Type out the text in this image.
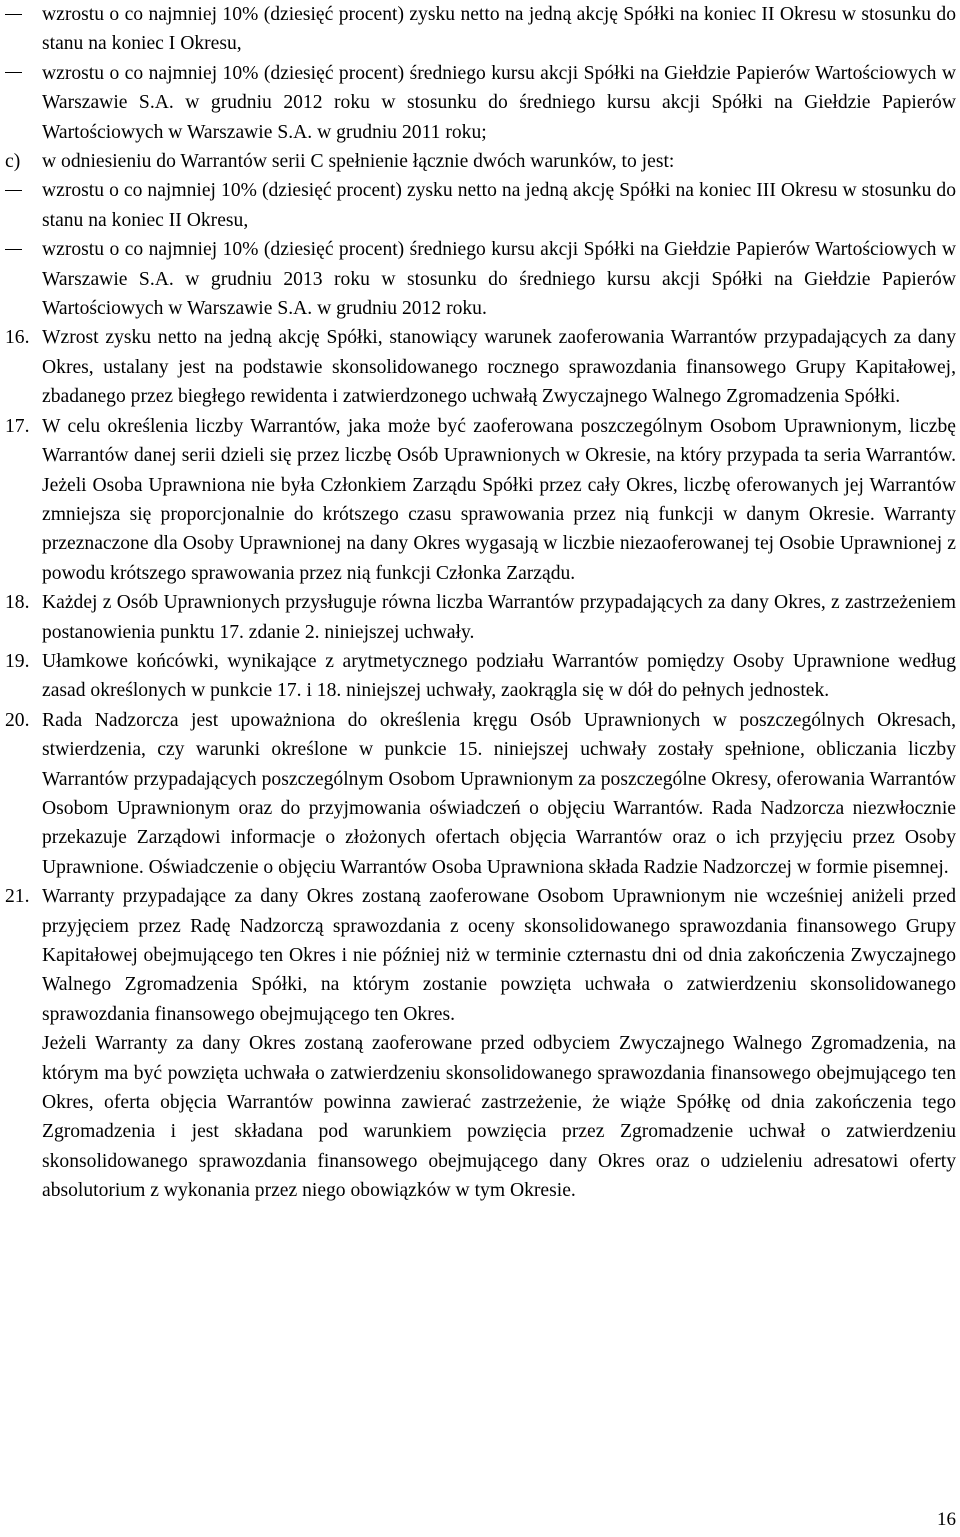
wzrostu o co najmniej 10% (dziesięć procent) zysku netto na jedną akcję Spółki na koniec II Okresu w stosunku do stanu na koniec I Okresu,
wzrostu o co najmniej 10% (dziesięć procent) średniego kursu akcji Spółki na Giełdzie Papierów Wartościowych w Warszawie S.A. w grudniu 2012 roku w stosunku do średniego kursu akcji Spółki na Giełdzie Papierów Wartościowych w Warszawie S.A. w grudniu 2011 roku;
c)	w odniesieniu do Warrantów serii C spełnienie łącznie dwóch warunków, to jest:
wzrostu o co najmniej 10% (dziesięć procent) zysku netto na jedną akcję Spółki na koniec III Okresu w stosunku do stanu na koniec II Okresu,
wzrostu o co najmniej 10% (dziesięć procent) średniego kursu akcji Spółki na Giełdzie Papierów Wartościowych w Warszawie S.A. w grudniu 2013 roku w stosunku do średniego kursu akcji Spółki na Giełdzie Papierów Wartościowych w Warszawie S.A. w grudniu 2012 roku.
16. Wzrost zysku netto na jedną akcję Spółki, stanowiący warunek zaoferowania Warrantów przypadających za dany Okres, ustalany jest na podstawie skonsolidowanego rocznego sprawozdania finansowego Grupy Kapitałowej, zbadanego przez biegłego rewidenta i zatwierdzonego uchwałą Zwyczajnego Walnego Zgromadzenia Spółki.
17. W celu określenia liczby Warrantów, jaka może być zaoferowana poszczególnym Osobom Uprawnionym, liczbę Warrantów danej serii dzieli się przez liczbę Osób Uprawnionych w Okresie, na który przypada ta seria Warrantów. Jeżeli Osoba Uprawniona nie była Członkiem Zarządu Spółki przez cały Okres, liczbę oferowanych jej Warrantów zmniejsza się proporcjonalnie do krótszego czasu sprawowania przez nią funkcji w danym Okresie. Warranty przeznaczone dla Osoby Uprawnionej na dany Okres wygasają w liczbie niezaoferowanej tej Osobie Uprawnionej z powodu krótszego sprawowania przez nią funkcji Członka Zarządu.
18. Każdej z Osób Uprawnionych przysługuje równa liczba Warrantów przypadających za dany Okres, z zastrzeżeniem postanowienia punktu 17. zdanie 2. niniejszej uchwały.
19. Ułamkowe końcówki, wynikające z arytmetycznego podziału Warrantów pomiędzy Osoby Uprawnione według zasad określonych w punkcie 17. i 18. niniejszej uchwały, zaokrągla się w dół do pełnych jednostek.
20. Rada Nadzorcza jest upoważniona do określenia kręgu Osób Uprawnionych w poszczególnych Okresach, stwierdzenia, czy warunki określone w punkcie 15. niniejszej uchwały zostały spełnione, obliczania liczby Warrantów przypadających poszczególnym Osobom Uprawnionym za poszczególne Okresy, oferowania Warrantów Osobom Uprawnionym oraz do przyjmowania oświadczeń o objęciu Warrantów. Rada Nadzorcza niezwłocznie przekazuje Zarządowi informacje o złożonych ofertach objęcia Warrantów oraz o ich przyjęciu przez Osoby Uprawnione. Oświadczenie o objęciu Warrantów Osoba Uprawniona składa Radzie Nadzorczej w formie pisemnej.
21. Warranty przypadające za dany Okres zostaną zaoferowane Osobom Uprawnionym nie wcześniej aniżeli przed przyjęciem przez Radę Nadzorczą sprawozdania z oceny skonsolidowanego sprawozdania finansowego Grupy Kapitałowej obejmującego ten Okres i nie później niż w terminie czternastu dni od dnia zakończenia Zwyczajnego Walnego Zgromadzenia Spółki, na którym zostanie powzięta uchwała o zatwierdzeniu skonsolidowanego sprawozdania finansowego obejmującego ten Okres.
Jeżeli Warranty za dany Okres zostaną zaoferowane przed odbyciem Zwyczajnego Walnego Zgromadzenia, na którym ma być powzięta uchwała o zatwierdzeniu skonsolidowanego sprawozdania finansowego obejmującego ten Okres, oferta objęcia Warrantów powinna zawierać zastrzeżenie, że wiąże Spółkę od dnia zakończenia tego Zgromadzenia i jest składana pod warunkiem powzięcia przez Zgromadzenie uchwał o zatwierdzeniu skonsolidowanego sprawozdania finansowego obejmującego dany Okres oraz o udzieleniu adresatowi oferty absolutorium z wykonania przez niego obowiązków w tym Okresie.
16
